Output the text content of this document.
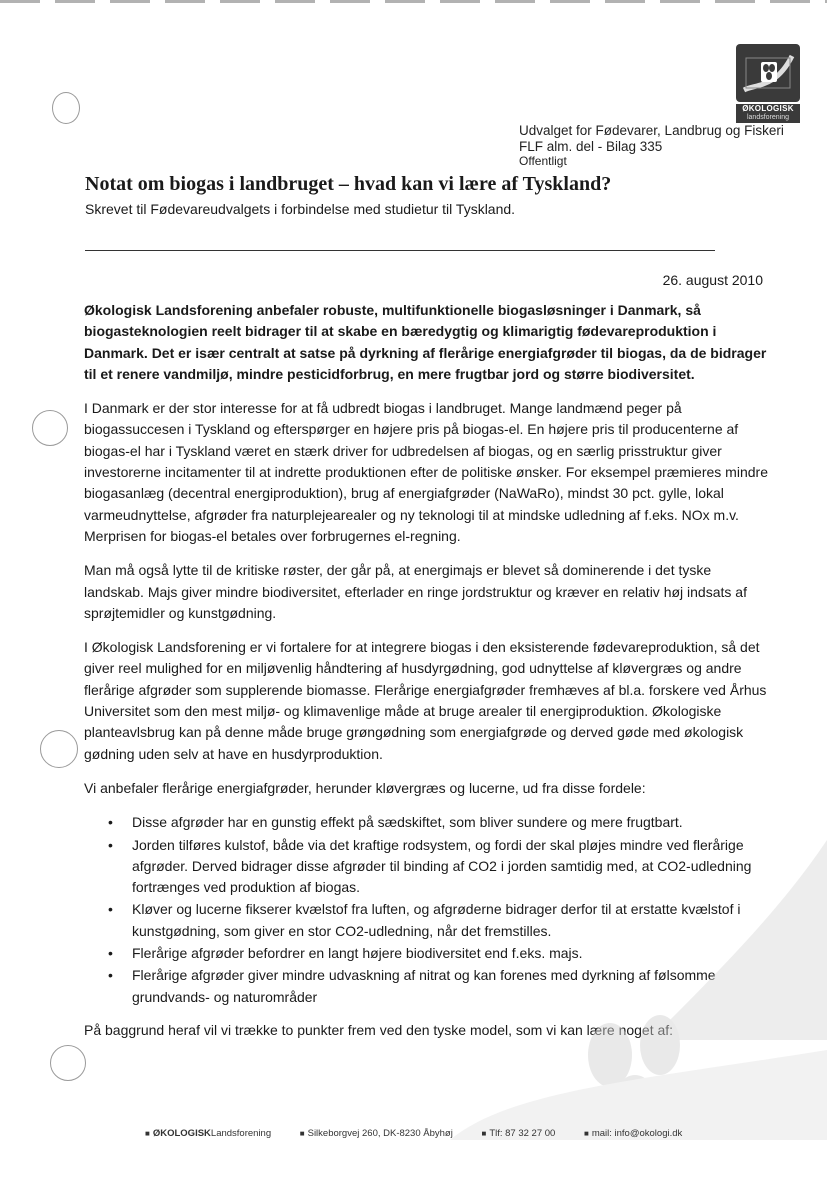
ØKOLOGISK
landsforening
Udvalget for Fødevarer, Landbrug og Fiskeri
FLF alm. del - Bilag 335
Offentligt
Notat om biogas i landbruget – hvad kan vi lære af Tyskland?
Skrevet til Fødevareudvalgets i forbindelse med studietur til Tyskland.
26. august 2010

Økologisk Landsforening anbefaler robuste, multifunktionelle biogasløsninger i Danmark, så biogasteknologien reelt bidrager til at skabe en bæredygtig og klimarigtig fødevareproduktion i Danmark. Det er især centralt at satse på dyrkning af flerårige energiafgrøder til biogas, da de bidrager til et renere vandmiljø, mindre pesticidforbrug, en mere frugtbar jord og større biodiversitet.

I Danmark er der stor interesse for at få udbredt biogas i landbruget. Mange landmænd peger på biogassuccesen i Tyskland og efterspørger en højere pris på biogas-el. En højere pris til producenterne af biogas-el har i Tyskland været en stærk driver for udbredelsen af biogas, og en særlig prisstruktur giver investorerne incitamenter til at indrette produktionen efter de politiske ønsker. For eksempel præmieres mindre biogasanlæg (decentral energiproduktion), brug af energiafgrøder (NaWaRo), mindst 30 pct. gylle, lokal varmeudnyttelse, afgrøder fra naturplejearealer og ny teknologi til at mindske udledning af f.eks. NOx m.v. Merprisen for biogas-el betales over forbrugernes el-regning.

Man må også lytte til de kritiske røster, der går på, at energimajs er blevet så dominerende i det tyske landskab. Majs giver mindre biodiversitet, efterlader en ringe jordstruktur og kræver en relativ høj indsats af sprøjtemidler og kunstgødning.

I Økologisk Landsforening er vi fortalere for at integrere biogas i den eksisterende fødevareproduktion, så det giver reel mulighed for en miljøvenlig håndtering af husdyrgødning, god udnyttelse af kløvergræs og andre flerårige afgrøder som supplerende biomasse. Flerårige energiafgrøder fremhæves af bl.a. forskere ved Århus Universitet som den mest miljø- og klimavenlige måde at bruge arealer til energiproduktion. Økologiske planteavlsbrug kan på denne måde bruge grøngødning som energiafgrøde og derved gøde med økologisk gødning uden selv at have en husdyrproduktion.

Vi anbefaler flerårige energiafgrøder, herunder kløvergræs og lucerne, ud fra disse fordele:

• Disse afgrøder har en gunstig effekt på sædskiftet, som bliver sundere og mere frugtbart.
• Jorden tilføres kulstof, både via det kraftige rodsystem, og fordi der skal pløjes mindre ved flerårige afgrøder. Derved bidrager disse afgrøder til binding af CO2 i jorden samtidig med, at CO2-udledning fortrænges ved produktion af biogas.
• Kløver og lucerne fikserer kvælstof fra luften, og afgrøderne bidrager derfor til at erstatte kvælstof i kunstgødning, som giver en stor CO2-udledning, når det fremstilles.
• Flerårige afgrøder befordrer en langt højere biodiversitet end f.eks. majs.
• Flerårige afgrøder giver mindre udvaskning af nitrat og kan forenes med dyrkning af følsomme grundvands- og naturområder

På baggrund heraf vil vi trække to punkter frem ved den tyske model, som vi kan lære noget af:

■ ØKOLOGISKLandsforening	■ Silkeborgvej 260, DK-8230 Åbyhøj	■ Tlf: 87 32 27 00	■ mail: info@okologi.dk
